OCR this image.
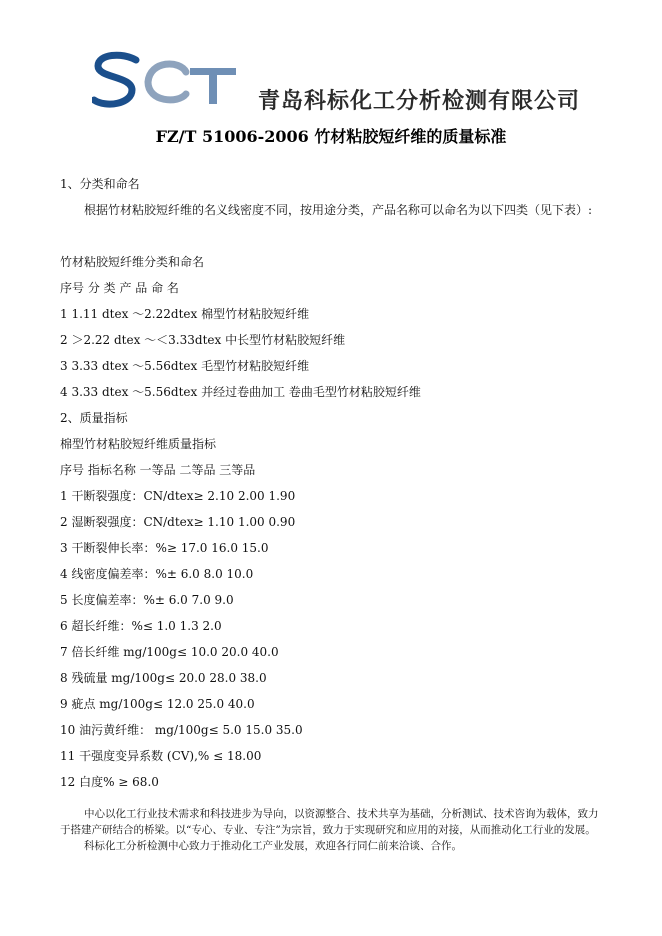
青岛科标化工分析检测有限公司
FZ/T 51006-2006 竹材粘胶短纤维的质量标准
1、分类和命名
根据竹材粘胶短纤维的名义线密度不同，按用途分类，产品名称可以命名为以下四类（见下表）:
竹材粘胶短纤维分类和命名
序号 分 类 产 品 命 名
1 1.11 dtex ～2.22dtex 棉型竹材粘胶短纤维
2 ＞2.22 dtex ～＜3.33dtex 中长型竹材粘胶短纤维
3 3.33 dtex ～5.56dtex 毛型竹材粘胶短纤维
4 3.33 dtex ～5.56dtex 并经过卷曲加工 卷曲毛型竹材粘胶短纤维
2、质量指标
棉型竹材粘胶短纤维质量指标
序号 指标名称 一等品 二等品 三等品
1 干断裂强度：CN/dtex≥ 2.10 2.00 1.90
2 湿断裂强度：CN/dtex≥ 1.10 1.00 0.90
3 干断裂伸长率：%≥ 17.0 16.0 15.0
4 线密度偏差率：%± 6.0 8.0 10.0
5 长度偏差率：%± 6.0 7.0 9.0
6 超长纤维：%≤ 1.0 1.3 2.0
7 倍长纤维 mg/100g≤ 10.0 20.0 40.0
8 残硫量 mg/100g≤ 20.0 28.0 38.0
9 疵点 mg/100g≤ 12.0 25.0 40.0
10 油污黄纤维： mg/100g≤ 5.0 15.0 35.0
11 干强度变异系数 (CV),% ≤ 18.00
12 白度% ≥ 68.0

中心以化工行业技术需求和科技进步为导向，以资源整合、技术共享为基础，分析测试、技术咨询为载体，致力于搭建产研结合的桥梁。以“专心、专业、专注”为宗旨，致力于实现研究和应用的对接，从而推动化工行业的发展。

科标化工分析检测中心致力于推动化工产业发展，欢迎各行同仁前来洽谈、合作。
